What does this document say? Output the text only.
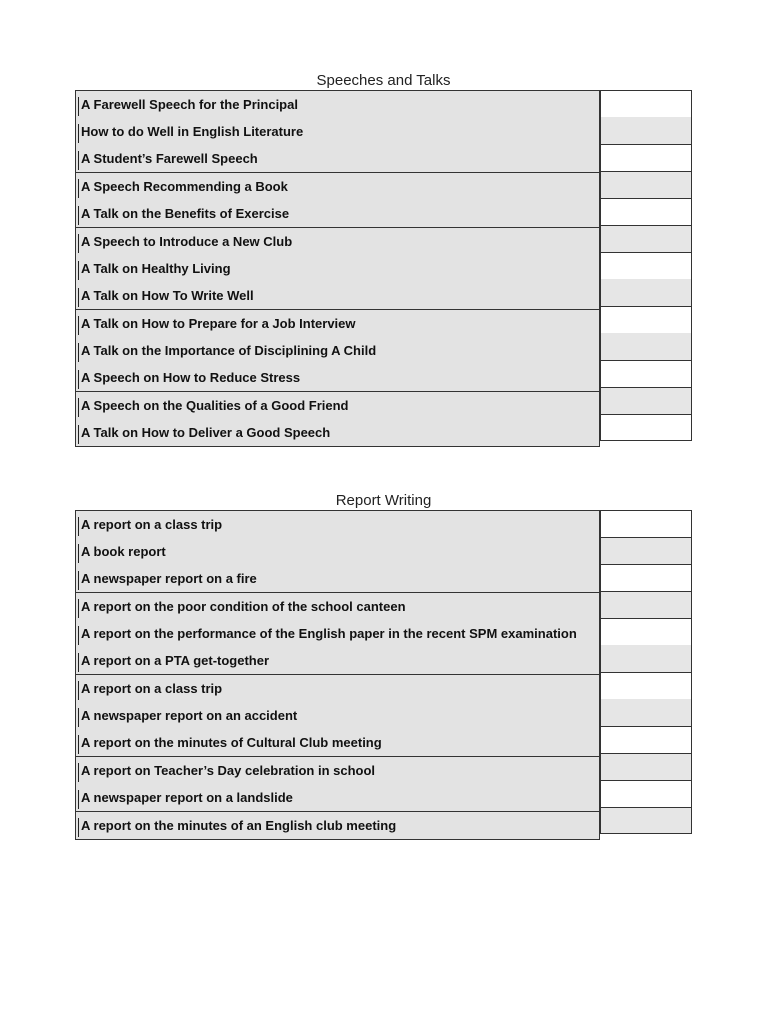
Speeches and Talks
A Farewell Speech for the Principal
How to do Well in English Literature
A Student’s Farewell Speech
A Speech Recommending a Book
A Talk on the Benefits of Exercise
A Speech to Introduce a New Club
A Talk on Healthy Living
A Talk on How To Write Well
A Talk on How to Prepare for a Job Interview
A Talk on the Importance of Disciplining A Child
A Speech on How to Reduce Stress
A Speech on the Qualities of a Good Friend
A Talk on How to Deliver a Good Speech
Report Writing
A report on a class trip
A book report
A newspaper report on a fire
A report on the poor condition of the school canteen
A report on the performance of the English paper in the recent SPM examination
A report on a PTA get-together
A report on a class trip
A newspaper report on an accident
A report on the minutes of Cultural Club meeting
A report on Teacher’s Day celebration in school
A newspaper report on a landslide
A report on the minutes of an English club meeting
